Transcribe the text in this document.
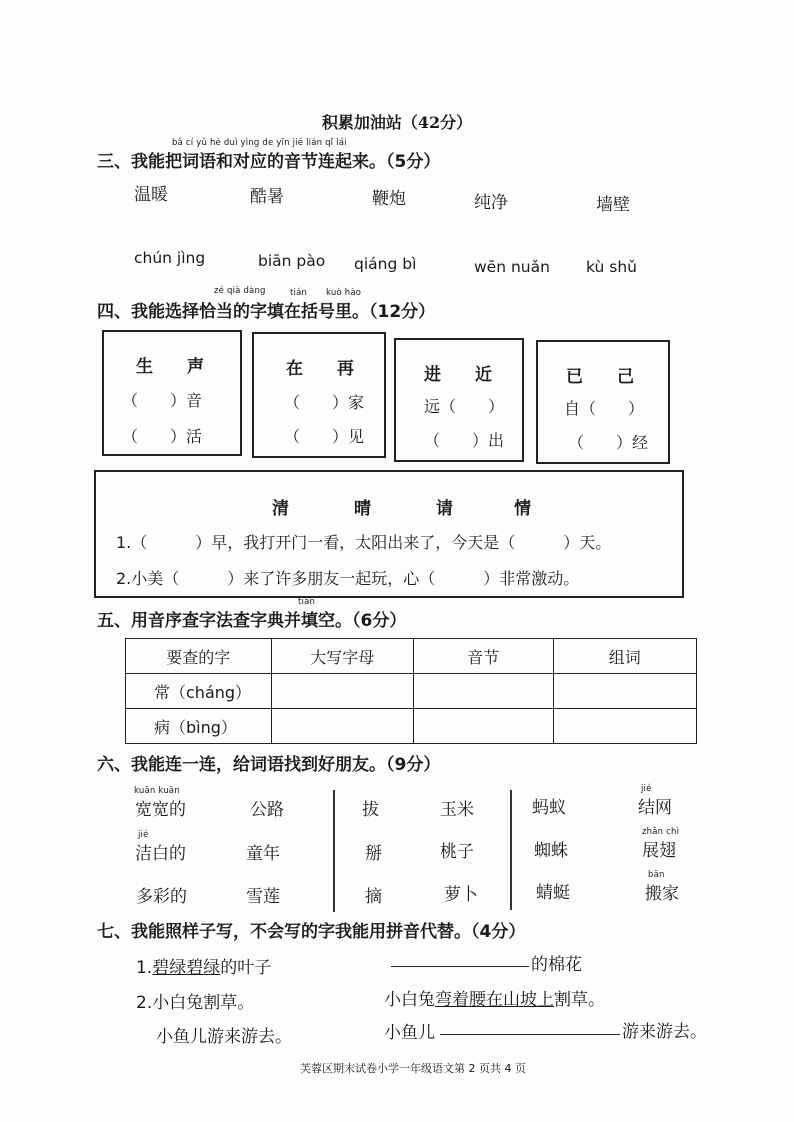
积累加油站（42分）
bǎ cí yǔ hé duì yìng de yīn jié lián qǐ lái
三、我能把词语和对应的音节连起来。（5分）
温暖	酷暑	鞭炮	纯净	墙壁
chún jìng	biān pào qiáng bì	wēn nuǎn kù shǔ
zé qià dàng	tián kuò hào
四、我能选择恰当的字填在括号里。（12分）
生　　声
（　　）音
（　　）活
在　　再
（　　）家
（　　）见
进　　近
远（　　）
（　　）出
已　　己
自（　　）
（　　）经
清	晴	请	情
1.（　　　）早，我打开门一看，太阳出来了，今天是（　　　）天。
2.小美（　　　）来了许多朋友一起玩，心（　　　）非常激动。
tián
五、用音序查字法查字典并填空。（6分）
要查的字	大写字母	音节	组词
常（cháng）			
病（bìng）			
六、我能连一连，给词语找到好朋友。（9分）
kuān kuān
宽宽的
jié
洁白的
多彩的
公路
童年
雪莲
拔
掰
摘
玉米
桃子
萝卜
蚂蚁
蜘蛛
蜻蜓
jié
结网
zhǎn chì
展翅
bān
搬家
七、我能照样子写，不会写的字我能用拼音代替。（4分）
1.碧绿碧绿的叶子	的棉花
2.小白兔割草。	小白兔弯着腰在山坡上割草。
小鱼儿游来游去。	小鱼儿	游来游去。
芙蓉区期末试卷小学一年级语文第 2 页共 4 页
